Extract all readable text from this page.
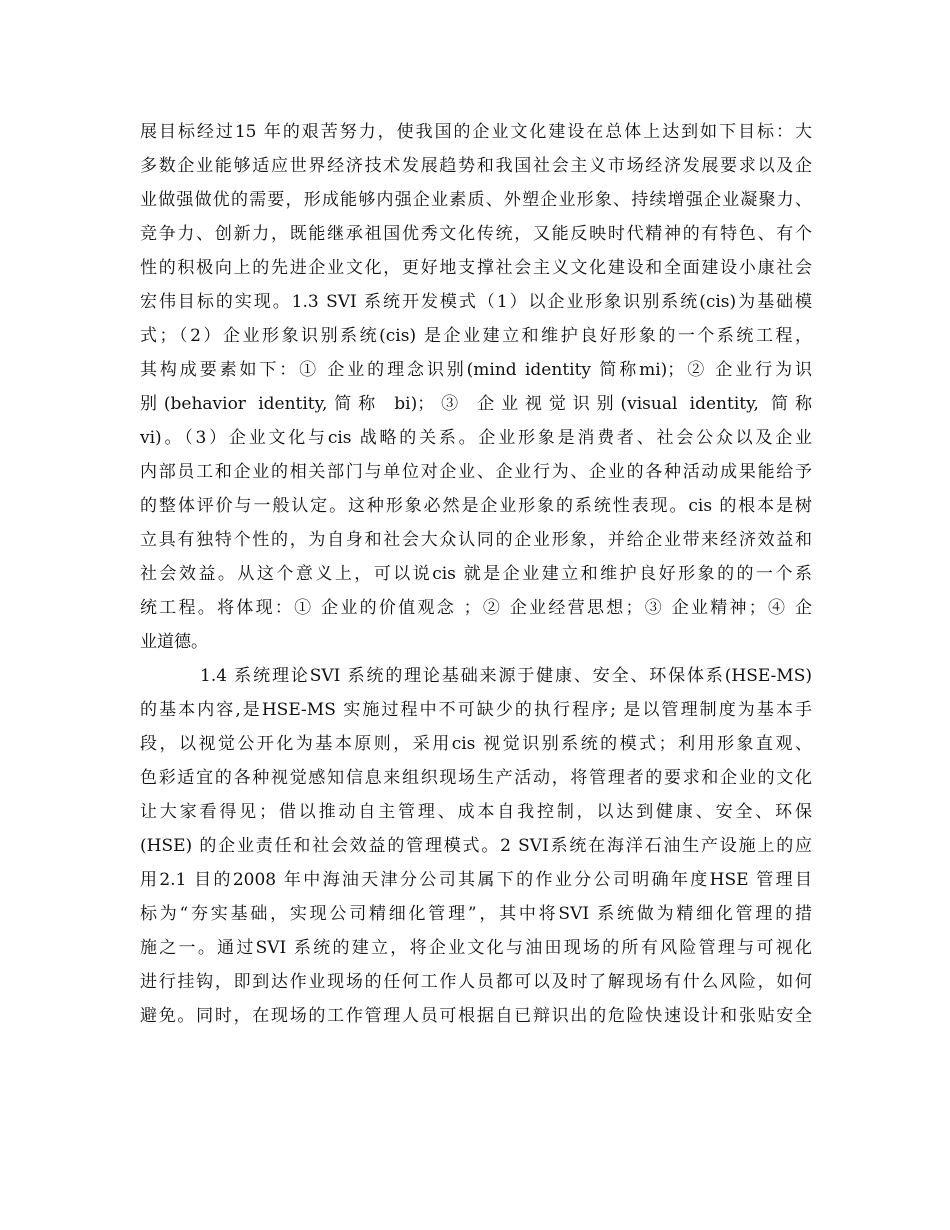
展目标经过15 年的艰苦努力，使我国的企业文化建设在总体上达到如下目标：大
多数企业能够适应世界经济技术发展趋势和我国社会主义市场经济发展要求以及企
业做强做优的需要，形成能够内强企业素质、外塑企业形象、持续增强企业凝聚力、
竞争力、创新力，既能继承祖国优秀文化传统，又能反映时代精神的有特色、有个
性的积极向上的先进企业文化，更好地支撑社会主义文化建设和全面建设小康社会
宏伟目标的实现。1.3 SVI 系统开发模式（1）以企业形象识别系统(cis)为基础模
式；（2）企业形象识别系统(cis) 是企业建立和维护良好形象的一个系统工程，
其构成要素如下：① 企业的理念识别(mind identity 简称mi)；② 企业行为识
别(behavior identity,简称 bi)；③ 企业视觉识别(visual identity, 简称
vi)。（3）企业文化与cis 战略的关系。企业形象是消费者、社会公众以及企业
内部员工和企业的相关部门与单位对企业、企业行为、企业的各种活动成果能给予
的整体评价与一般认定。这种形象必然是企业形象的系统性表现。cis 的根本是树
立具有独特个性的，为自身和社会大众认同的企业形象，并给企业带来经济效益和
社会效益。从这个意义上，可以说cis 就是企业建立和维护良好形象的的一个系
统工程。将体现：① 企业的价值观念 ；② 企业经营思想；③ 企业精神；④ 企
业道德。
1.4 系统理论SVI 系统的理论基础来源于健康、安全、环保体系(HSE-MS)
的基本内容,是HSE-MS 实施过程中不可缺少的执行程序; 是以管理制度为基本手
段，以视觉公开化为基本原则，采用cis 视觉识别系统的模式；利用形象直观、
色彩适宜的各种视觉感知信息来组织现场生产活动，将管理者的要求和企业的文化
让大家看得见；借以推动自主管理、成本自我控制，以达到健康、安全、环保
(HSE) 的企业责任和社会效益的管理模式。2 SVI系统在海洋石油生产设施上的应
用2.1 目的2008 年中海油天津分公司其属下的作业分公司明确年度HSE 管理目
标为“夯实基础，实现公司精细化管理”，其中将SVI 系统做为精细化管理的措
施之一。通过SVI 系统的建立，将企业文化与油田现场的所有风险管理与可视化
进行挂钩，即到达作业现场的任何工作人员都可以及时了解现场有什么风险，如何
避免。同时，在现场的工作管理人员可根据自已辩识出的危险快速设计和张贴安全
